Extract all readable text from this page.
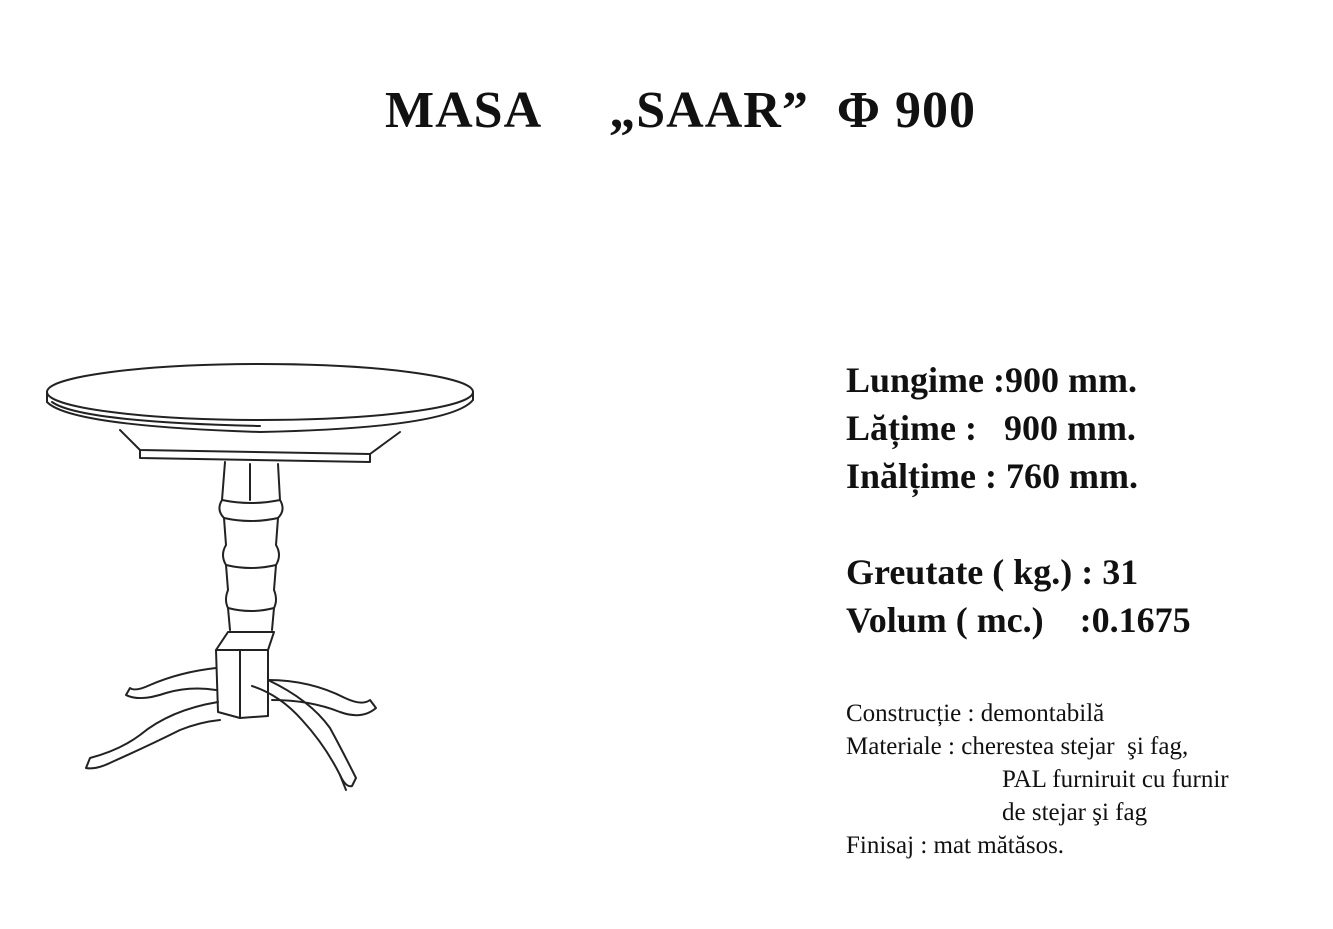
MASA „SAAR” Φ 900

Lungime :900 mm.
Lățime :   900 mm.
Inălțime : 760 mm.
Greutate ( kg.) : 31
Volum ( mc.)    :0.1675
Construcție : demontabilă
Materiale : cherestea stejar  şi fag,
PAL furniruit cu furnir
de stejar şi fag
Finisaj : mat mătăsos.
